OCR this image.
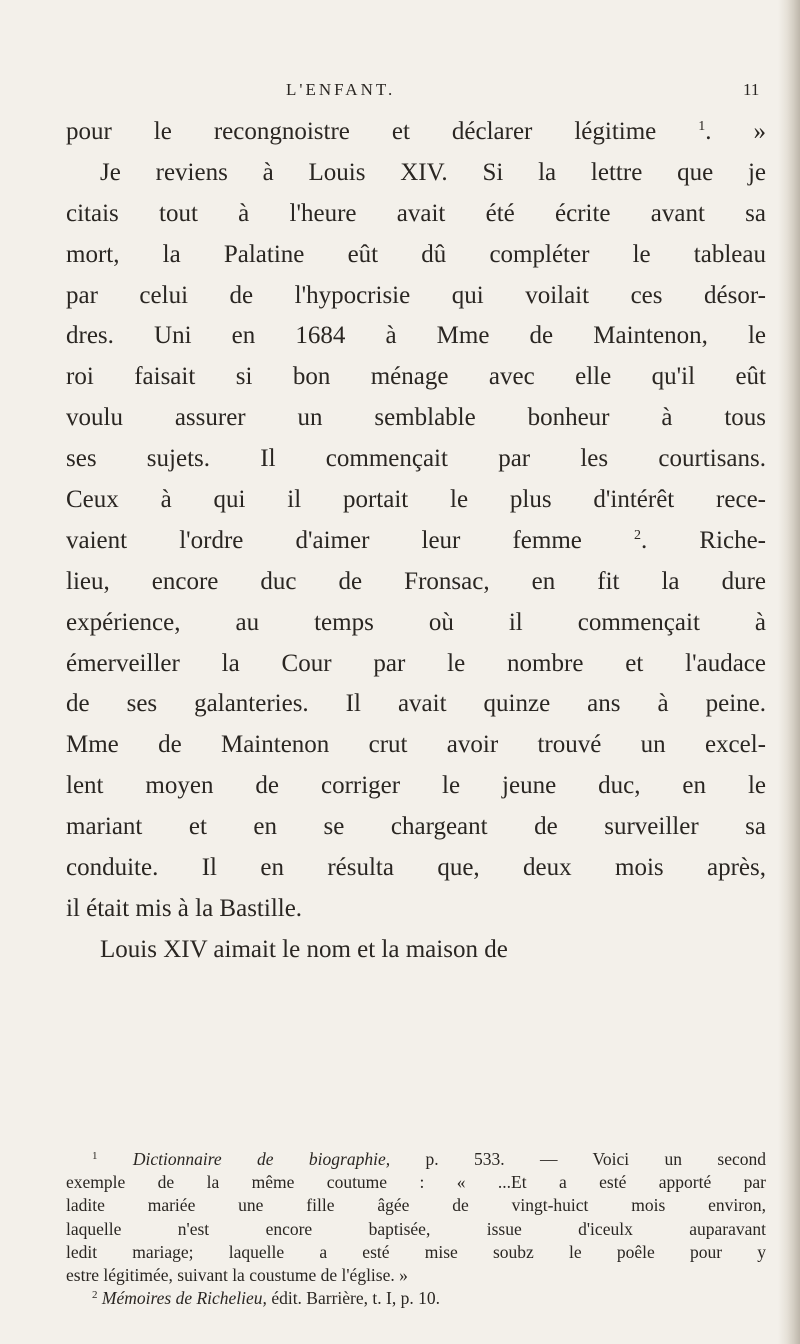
L'ENFANT.	11
pour le recongnoistre et déclarer légitime	$^1$. »
Je reviens à Louis XIV. Si la lettre que je
citais tout à l'heure avait été écrite avant sa
mort, la Palatine eût dû compléter le tableau
par celui de l'hypocrisie qui voilait ces désor-
dres. Uni en 1684 à Mme de Maintenon, le
roi faisait si bon ménage avec elle qu'il eût
voulu assurer un semblable bonheur à tous
ses sujets. Il commençait par les courtisans.
Ceux à qui il portait le plus d'intérêt rece-
vaient l'ordre d'aimer leur femme	$^2$. Riche-
lieu, encore duc de Fronsac, en fit la dure
expérience, au temps où il commençait à
émerveiller la Cour par le nombre et l'audace
de ses galanteries. Il avait quinze ans à peine.
Mme de Maintenon crut avoir trouvé un excel-
lent moyen de corriger le jeune duc, en le
mariant et en se chargeant de surveiller sa
conduite. Il en résulta que, deux mois après,
il était mis à la Bastille.
Louis XIV aimait le nom et la maison de
$^1$ Dictionnaire de biographie, p. 533. — Voici un second
exemple de la même coutume : « ...Et a esté apporté par
ladite mariée une fille âgée de vingt-huict mois environ,
laquelle n'est encore baptisée, issue d'iceulx auparavant
ledit mariage; laquelle a esté mise soubz le poêle pour y
estre légitimée, suivant la coustume de l'église. »
$^2$ Mémoires de Richelieu, édit. Barrière, t. I, p. 10.
